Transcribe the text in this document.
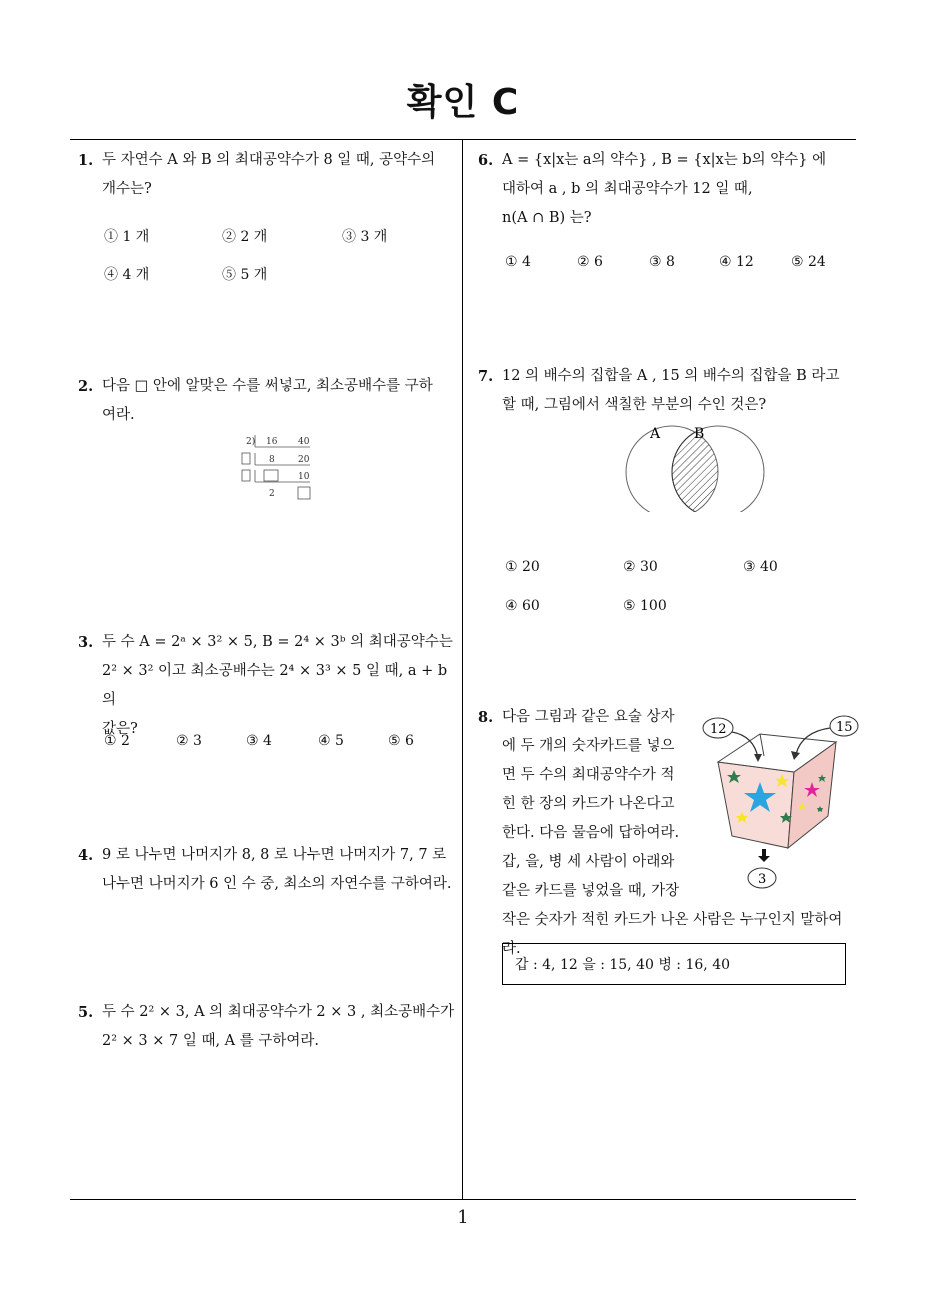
확인 C
1. 두 자연수 A 와 B 의 최대공약수가 8 일 때, 공약수의
개수는?
① 1 개	② 2 개	③ 3 개
④ 4 개	⑤ 5 개
2. 다음 □ 안에 알맞은 수를 써넣고, 최소공배수를 구하
여라.
2) 16 40
8	20
10
2
3. 두 수 A = 2ᵃ × 3² × 5, B = 2⁴ × 3ᵇ 의 최대공약수는
2² × 3² 이고 최소공배수는 2⁴ × 3³ × 5 일 때, a + b 의
값은?
① 2	② 3	③ 4	④ 5	⑤ 6
4. 9 로 나누면 나머지가 8, 8 로 나누면 나머지가 7, 7 로
나누면 나머지가 6 인 수 중, 최소의 자연수를 구하여라.
5. 두 수 2² × 3, A 의 최대공약수가 2 × 3 , 최소공배수가
2² × 3 × 7 일 때, A 를 구하여라.
6. A = {x|x는 a의 약수} , B = {x|x는 b의 약수} 에
대하여 a , b 의 최대공약수가 12 일 때,
n(A ∩ B) 는?
① 4	② 6	③ 8	④ 12	⑤ 24
7. 12 의 배수의 집합을 A , 15 의 배수의 집합을 B 라고
할 때, 그림에서 색칠한 부분의 수인 것은?
A B
① 20	② 30	③ 40
④ 60	⑤ 100
8. 다음 그림과 같은 요술 상자
에 두 개의 숫자카드를 넣으
면 두 수의 최대공약수가 적
힌 한 장의 카드가 나온다고
한다. 다음 물음에 답하여라.
갑, 을, 병 세 사람이 아래와
같은 카드를 넣었을 때, 가장
작은 숫자가 적힌 카드가 나온 사람은 누구인지 말하여
라.
12	15
3
갑 : 4, 12 을 : 15, 40 병 : 16, 40
1
